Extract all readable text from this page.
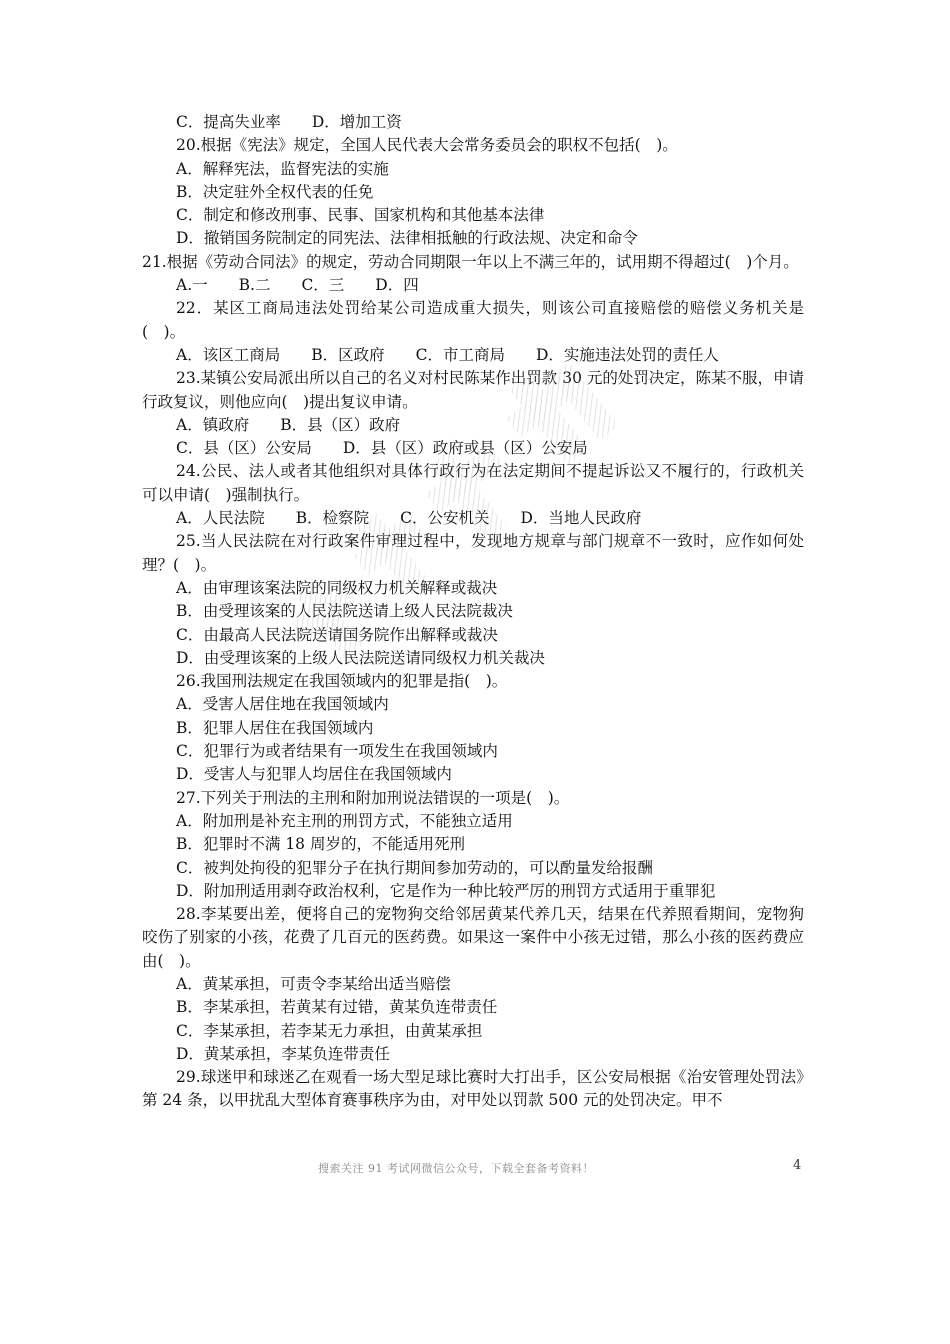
C．提高失业率　　D．增加工资
20.根据《宪法》规定，全国人民代表大会常务委员会的职权不包括(　)。
A．解释宪法，监督宪法的实施
B．决定驻外全权代表的任免
C．制定和修改刑事、民事、国家机构和其他基本法律
D．撤销国务院制定的同宪法、法律相抵触的行政法规、决定和命令
21.根据《劳动合同法》的规定，劳动合同期限一年以上不满三年的，试用期不得超过(　)个月。
A.一　　B.二　　C．三　　D．四
22．某区工商局违法处罚给某公司造成重大损失，则该公司直接赔偿的赔偿义务机关是(　)。
A．该区工商局　　B．区政府　　C．市工商局　　D．实施违法处罚的责任人
23.某镇公安局派出所以自己的名义对村民陈某作出罚款 30 元的处罚决定，陈某不服，申请行政复议，则他应向(　)提出复议申请。
A．镇政府　　B．县（区）政府
C．县（区）公安局　　D．县（区）政府或县（区）公安局
24.公民、法人或者其他组织对具体行政行为在法定期间不提起诉讼又不履行的，行政机关可以申请(　)强制执行。
A．人民法院　　B．检察院　　C．公安机关　　D．当地人民政府
25.当人民法院在对行政案件审理过程中，发现地方规章与部门规章不一致时，应作如何处理？(　)。
A．由审理该案法院的同级权力机关解释或裁决
B．由受理该案的人民法院送请上级人民法院裁决
C．由最高人民法院送请国务院作出解释或裁决
D．由受理该案的上级人民法院送请同级权力机关裁决
26.我国刑法规定在我国领域内的犯罪是指(　)。
A．受害人居住地在我国领域内
B．犯罪人居住在我国领域内
C．犯罪行为或者结果有一项发生在我国领域内
D．受害人与犯罪人均居住在我国领域内
27.下列关于刑法的主刑和附加刑说法错误的一项是(　)。
A．附加刑是补充主刑的刑罚方式，不能独立适用
B．犯罪时不满 18 周岁的，不能适用死刑
C．被判处拘役的犯罪分子在执行期间参加劳动的，可以酌量发给报酬
D．附加刑适用剥夺政治权利，它是作为一种比较严厉的刑罚方式适用于重罪犯
28.李某要出差，便将自己的宠物狗交给邻居黄某代养几天，结果在代养照看期间，宠物狗咬伤了别家的小孩，花费了几百元的医药费。如果这一案件中小孩无过错，那么小孩的医药费应由(　)。
A．黄某承担，可责令李某给出适当赔偿
B．李某承担，若黄某有过错，黄某负连带责任
C．李某承担，若李某无力承担，由黄某承担
D．黄某承担，李某负连带责任
29.球迷甲和球迷乙在观看一场大型足球比赛时大打出手，区公安局根据《治安管理处罚法》第 24 条，以甲扰乱大型体育赛事秩序为由，对甲处以罚款 500 元的处罚决定。甲不
搜索关注 91 考试网微信公众号，下载全套备考资料！	4
